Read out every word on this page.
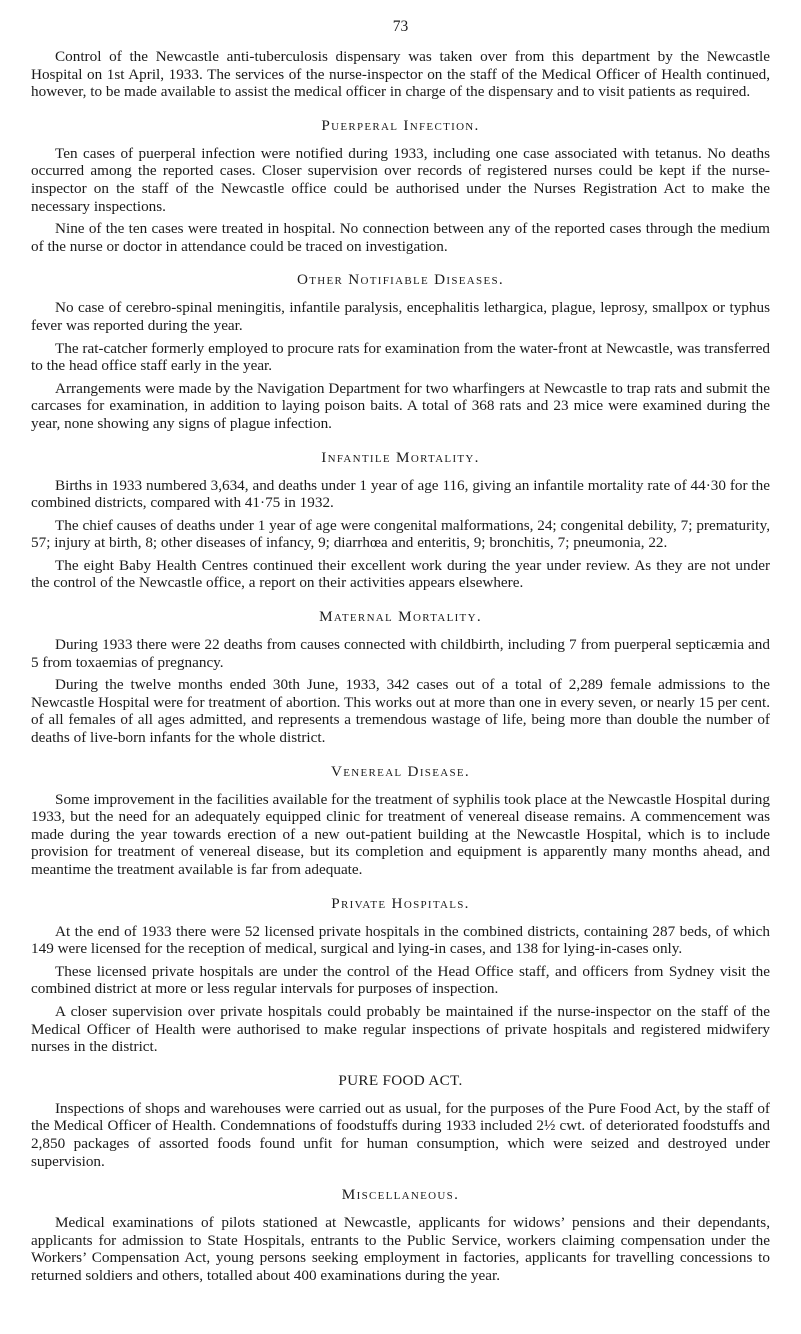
73

Control of the Newcastle anti-tuberculosis dispensary was taken over from this department by the Newcastle Hospital on 1st April, 1933. The services of the nurse-inspector on the staff of the Medical Officer of Health continued, however, to be made available to assist the medical officer in charge of the dispensary and to visit patients as required.

Puerperal Infection.

Ten cases of puerperal infection were notified during 1933, including one case associated with tetanus. No deaths occurred among the reported cases. Closer supervision over records of registered nurses could be kept if the nurse-inspector on the staff of the Newcastle office could be authorised under the Nurses Registration Act to make the necessary inspections.

Nine of the ten cases were treated in hospital. No connection between any of the reported cases through the medium of the nurse or doctor in attendance could be traced on investigation.

Other Notifiable Diseases.

No case of cerebro-spinal meningitis, infantile paralysis, encephalitis lethargica, plague, leprosy, smallpox or typhus fever was reported during the year.

The rat-catcher formerly employed to procure rats for examination from the water-front at Newcastle, was transferred to the head office staff early in the year.

Arrangements were made by the Navigation Department for two wharfingers at Newcastle to trap rats and submit the carcases for examination, in addition to laying poison baits. A total of 368 rats and 23 mice were examined during the year, none showing any signs of plague infection.

Infantile Mortality.

Births in 1933 numbered 3,634, and deaths under 1 year of age 116, giving an infantile mortality rate of 44·30 for the combined districts, compared with 41·75 in 1932.

The chief causes of deaths under 1 year of age were congenital malformations, 24; congenital debility, 7; prematurity, 57; injury at birth, 8; other diseases of infancy, 9; diarrhœa and enteritis, 9; bronchitis, 7; pneumonia, 22.

The eight Baby Health Centres continued their excellent work during the year under review. As they are not under the control of the Newcastle office, a report on their activities appears elsewhere.

Maternal Mortality.

During 1933 there were 22 deaths from causes connected with childbirth, including 7 from puerperal septicæmia and 5 from toxaemias of pregnancy.

During the twelve months ended 30th June, 1933, 342 cases out of a total of 2,289 female admissions to the Newcastle Hospital were for treatment of abortion. This works out at more than one in every seven, or nearly 15 per cent. of all females of all ages admitted, and represents a tremendous wastage of life, being more than double the number of deaths of live-born infants for the whole district.

Venereal Disease.

Some improvement in the facilities available for the treatment of syphilis took place at the Newcastle Hospital during 1933, but the need for an adequately equipped clinic for treatment of venereal disease remains. A commencement was made during the year towards erection of a new out-patient building at the Newcastle Hospital, which is to include provision for treatment of venereal disease, but its completion and equipment is apparently many months ahead, and meantime the treatment available is far from adequate.

Private Hospitals.

At the end of 1933 there were 52 licensed private hospitals in the combined districts, containing 287 beds, of which 149 were licensed for the reception of medical, surgical and lying-in cases, and 138 for lying-in-cases only.

These licensed private hospitals are under the control of the Head Office staff, and officers from Sydney visit the combined district at more or less regular intervals for purposes of inspection.

A closer supervision over private hospitals could probably be maintained if the nurse-inspector on the staff of the Medical Officer of Health were authorised to make regular inspections of private hospitals and registered midwifery nurses in the district.

PURE FOOD ACT.

Inspections of shops and warehouses were carried out as usual, for the purposes of the Pure Food Act, by the staff of the Medical Officer of Health. Condemnations of foodstuffs during 1933 included 2½ cwt. of deteriorated foodstuffs and 2,850 packages of assorted foods found unfit for human consumption, which were seized and destroyed under supervision.

Miscellaneous.

Medical examinations of pilots stationed at Newcastle, applicants for widows’ pensions and their dependants, applicants for admission to State Hospitals, entrants to the Public Service, workers claiming compensation under the Workers’ Compensation Act, young persons seeking employment in factories, applicants for travelling concessions to returned soldiers and others, totalled about 400 examinations during the year.
